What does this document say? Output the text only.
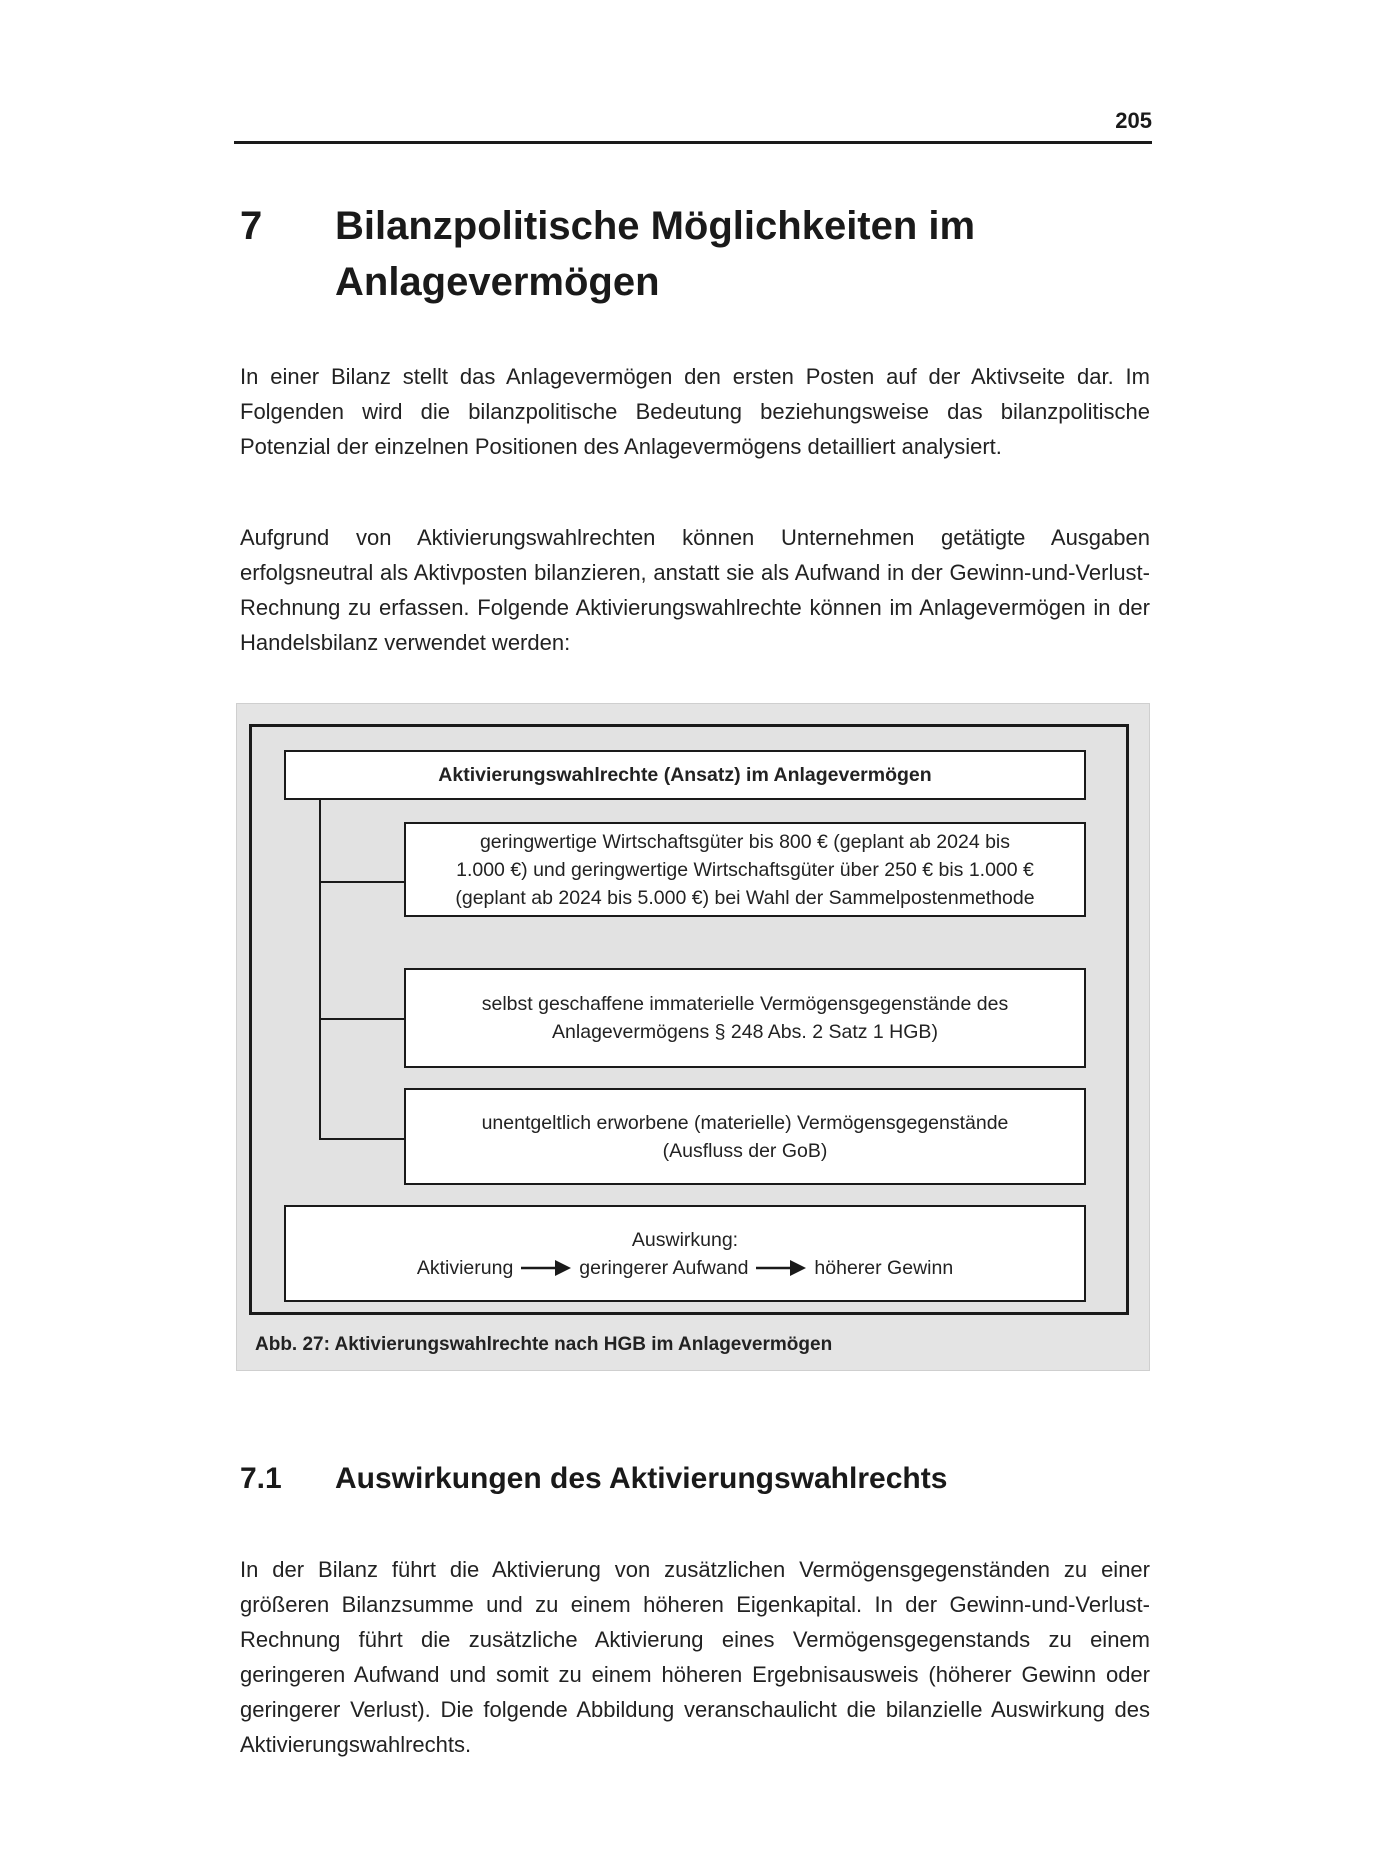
205
7 Bilanzpolitische Möglichkeiten im
Anlagevermögen

In einer Bilanz stellt das Anlagevermögen den ersten Posten auf der Aktivseite dar. Im Folgenden wird die bilanzpolitische Bedeutung beziehungsweise das bilanzpolitische Potenzial der einzelnen Positionen des Anlagevermögens detailliert analysiert.

Aufgrund von Aktivierungswahlrechten können Unternehmen getätigte Ausgaben erfolgsneutral als Aktivposten bilanzieren, anstatt sie als Aufwand in der Gewinn-und-Verlust-Rechnung zu erfassen. Folgende Aktivierungswahlrechte können im Anlagevermögen in der Handelsbilanz verwendet werden:

Aktivierungswahlrechte (Ansatz) im Anlagevermögen
geringwertige Wirtschaftsgüter bis 800 € (geplant ab 2024 bis
1.000 €) und geringwertige Wirtschaftsgüter über 250 € bis 1.000 €
(geplant ab 2024 bis 5.000 €) bei Wahl der Sammelpostenmethode
selbst geschaffene immaterielle Vermögensgegenstände des
Anlagevermögens § 248 Abs. 2 Satz 1 HGB)
unentgeltlich erworbene (materielle) Vermögensgegenstände
(Ausfluss der GoB)
Auswirkung:
Aktivierung	geringerer Aufwand	höherer Gewinn
Abb. 27: Aktivierungswahlrechte nach HGB im Anlagevermögen
7.1 Auswirkungen des Aktivierungswahlrechts

In der Bilanz führt die Aktivierung von zusätzlichen Vermögensgegenständen zu einer größeren Bilanzsumme und zu einem höheren Eigenkapital. In der Gewinn-und-Verlust-Rechnung führt die zusätzliche Aktivierung eines Vermögensgegenstands zu einem geringeren Aufwand und somit zu einem höheren Ergebnisausweis (höherer Gewinn oder geringerer Verlust). Die folgende Abbildung veranschaulicht die bilanzielle Auswirkung des Aktivierungswahlrechts.
